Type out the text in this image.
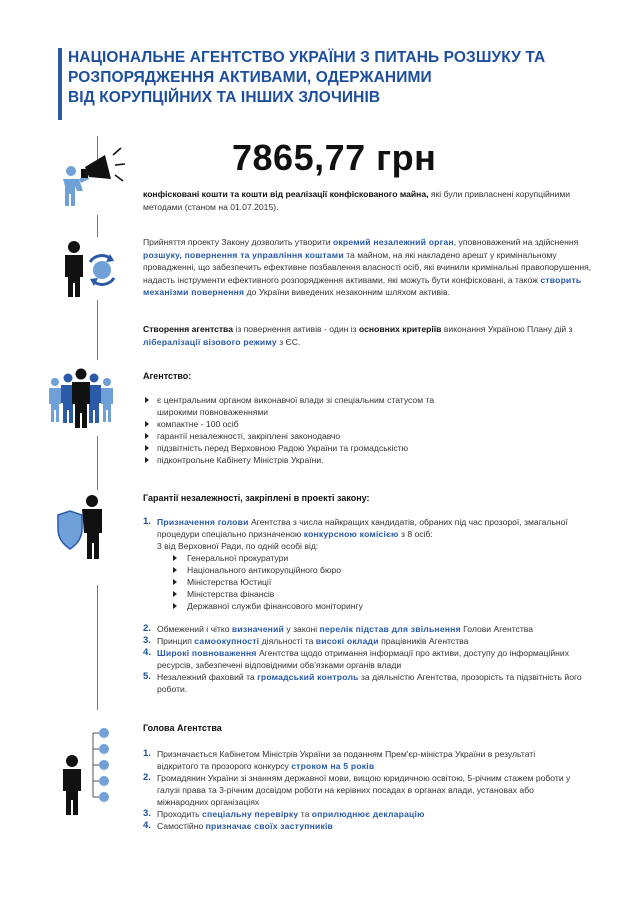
НАЦІОНАЛЬНЕ АГЕНТСТВО УКРАЇНИ З ПИТАНЬ РОЗШУКУ ТА
РОЗПОРЯДЖЕННЯ АКТИВАМИ, ОДЕРЖАНИМИ
ВІД КОРУПЦІЙНИХ ТА ІНШИХ ЗЛОЧИНІВ
7865,77 грн
конфісковані кошти та кошти від реалізації конфіскованого майна, які були привласнені корупційними методами (станом на 01.07.2015).
Прийняття проекту Закону дозволить утворити окремий незалежний орган, уповноважений на здійснення розшуку, повернення та управління коштами та майном, на які накладено арешт у кримінальному провадженні, що забезпечить ефективне позбавлення власності осіб, які вчинили кримінальні правопорушення, надасть інструменти ефективного розпорядження активами, які можуть бути конфісковані, а також створить механізми повернення до України виведених незаконним шляхом активів.
Створення агентства із повернення активів - один із основних критеріїв виконання Україною Плану дій з лібералізації візового режиму з ЄС.
Агентство:
є центральним органом виконавчої влади зі спеціальним статусом та широкими повноваженнями
компактне - 100 осіб
гарантії незалежності, закріплені законодавчо
підзвітність перед Верховною Радою України та громадськістю
підконтрольне Кабінету Міністрів України.
Гарантії незалежності, закріплені в проекті закону:
1. Призначення голови Агентства з числа найкращих кандидатів, обраних під час прозорої, змагальної процедури спеціально призначеною конкурсною комісією з 8 осіб:
3 від Верховної Ради, по одній особі від:
Генеральної прокуратури
Національного антикорупційного бюро
Міністерства Юстиції
Міністерства фінансів
Державної служби фінансового моніторингу
2. Обмежений і чітко визначений у законі перелік підстав для звільнення Голови Агентства
3. Принцип самоокупності діяльності та високі оклади працівників Агентства
4. Широкі повноваження Агентства щодо отримання інформації про активи, доступу до інформаційних ресурсів, забезпечені відповідними обв'язками органів влади
5. Незалежний фаховий та громадський контроль за діяльністю Агентства, прозорість та підзвітність його роботи.
Голова Агентства
1. Призначається Кабінетом Міністрів України за поданням Прем'єр-міністра України в результаті відкритого та прозорого конкурсу строком на 5 років
2. Громадянин України зі знанням державної мови, вищою юридичною освітою, 5-річним стажем роботи у галузі права та 3-річним досвідом роботи на керівних посадах в органах влади, установах або міжнародних організаціях
3. Проходить спеціальну перевірку та оприлюднює декларацію
4. Самостійно призначає своїх заступників
